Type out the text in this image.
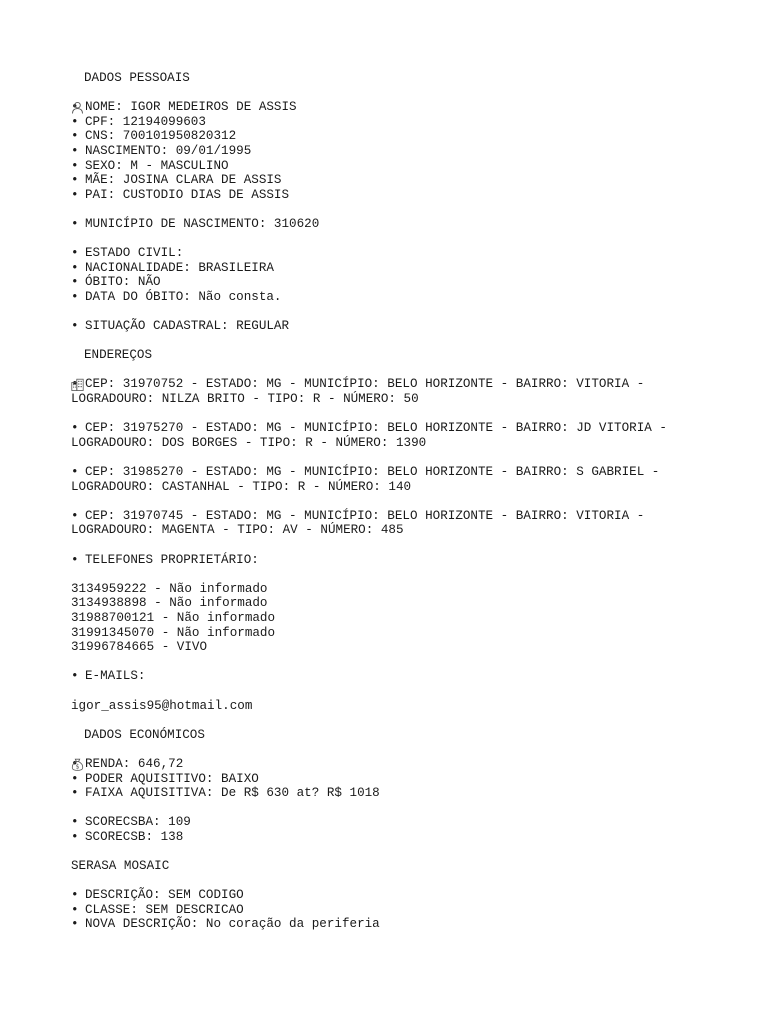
DADOS PESSOAIS
• NOME: IGOR MEDEIROS DE ASSIS
• CPF: 12194099603
• CNS: 700101950820312
• NASCIMENTO: 09/01/1995
• SEXO: M - MASCULINO
• MÃE: JOSINA CLARA DE ASSIS
• PAI: CUSTODIO DIAS DE ASSIS
• MUNICÍPIO DE NASCIMENTO: 310620
• ESTADO CIVIL:
• NACIONALIDADE: BRASILEIRA
• ÓBITO: NÃO
• DATA DO ÓBITO: Não consta.
• SITUAÇÃO CADASTRAL: REGULAR

ENDEREÇOS
• CEP: 31970752 - ESTADO: MG - MUNICÍPIO: BELO HORIZONTE - BAIRRO: VITORIA -
LOGRADOURO: NILZA BRITO - TIPO: R - NÚMERO: 50
• CEP: 31975270 - ESTADO: MG - MUNICÍPIO: BELO HORIZONTE - BAIRRO: JD VITORIA -
LOGRADOURO: DOS BORGES - TIPO: R - NÚMERO: 1390
• CEP: 31985270 - ESTADO: MG - MUNICÍPIO: BELO HORIZONTE - BAIRRO: S GABRIEL -
LOGRADOURO: CASTANHAL - TIPO: R - NÚMERO: 140
• CEP: 31970745 - ESTADO: MG - MUNICÍPIO: BELO HORIZONTE - BAIRRO: VITORIA -
LOGRADOURO: MAGENTA - TIPO: AV - NÚMERO: 485
• TELEFONES PROPRIETÁRIO:
3134959222 - Não informado
3134938898 - Não informado
31988700121 - Não informado
31991345070 - Não informado
31996784665 - VIVO
• E-MAILS:
igor_assis95@hotmail.com

$

DADOS ECONÓMICOS
• RENDA: 646,72
• PODER AQUISITIVO: BAIXO
• FAIXA AQUISITIVA: De R$ 630 at? R$ 1018
• SCORECSBA: 109
• SCORECSB: 138
SERASA MOSAIC
• DESCRIÇÃO: SEM CODIGO
• CLASSE: SEM DESCRICAO
• NOVA DESCRIÇÃO: No coração da periferia
